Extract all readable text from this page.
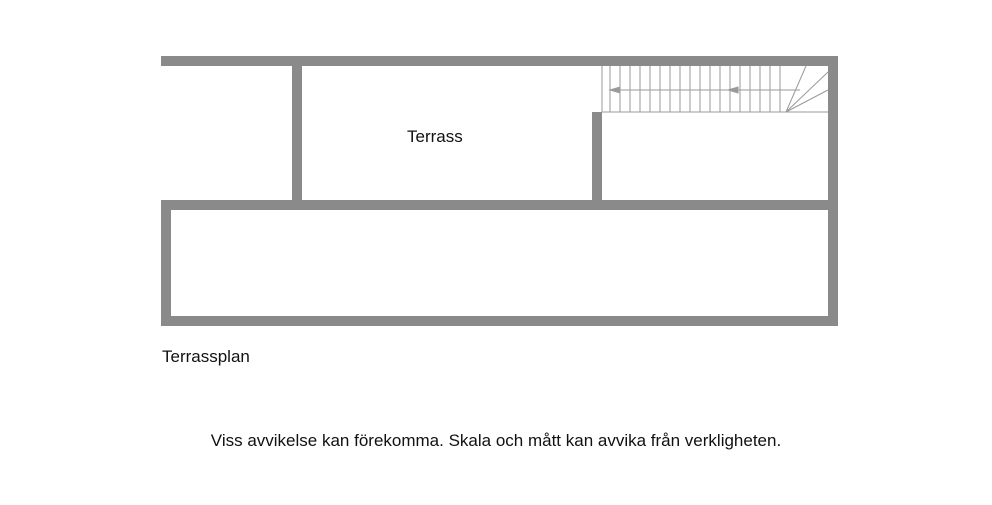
Terrass
Terrassplan
Viss avvikelse kan förekomma. Skala och mått kan avvika från verkligheten.
